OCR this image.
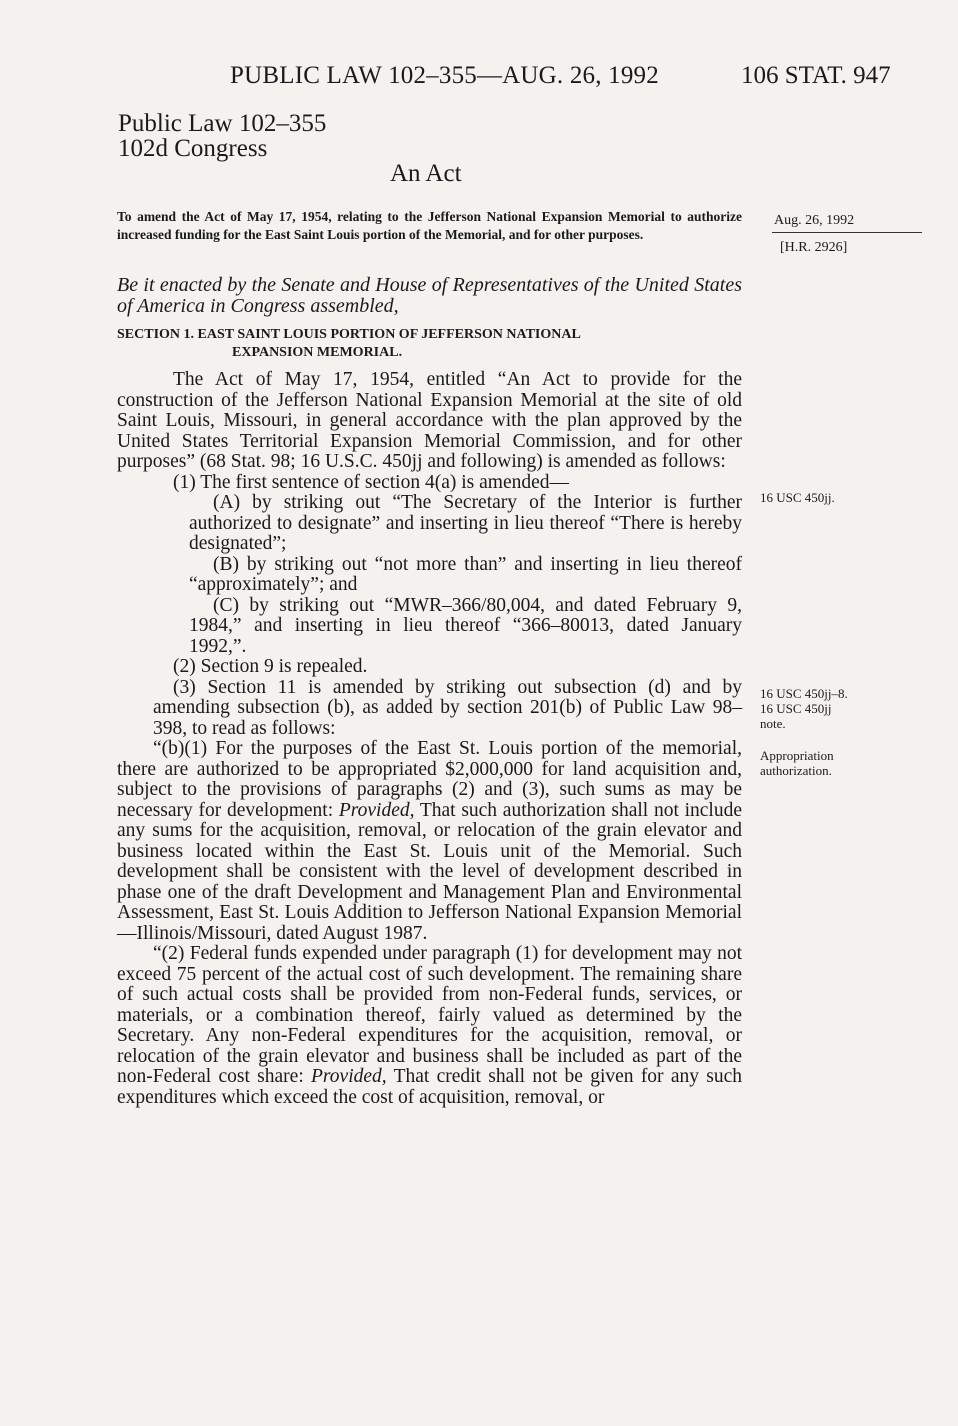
PUBLIC LAW 102–355—AUG. 26, 1992	106 STAT. 947
Public Law 102–355
102d Congress
An Act
To amend the Act of May 17, 1954, relating to the Jefferson National Expansion Memorial to authorize increased funding for the East Saint Louis portion of the Memorial, and for other purposes.
Aug. 26, 1992
[H.R. 2926]
Be it enacted by the Senate and House of Representatives of the United States of America in Congress assembled,
SECTION 1. EAST SAINT LOUIS PORTION OF JEFFERSON NATIONAL
EXPANSION MEMORIAL.

The Act of May 17, 1954, entitled “An Act to provide for the construction of the Jefferson National Expansion Memorial at the site of old Saint Louis, Missouri, in general accordance with the plan approved by the United States Territorial Expansion Memorial Commission, and for other purposes” (68 Stat. 98; 16 U.S.C. 450jj and following) is amended as follows:

(1) The first sentence of section 4(a) is amended—

(A) by striking out “The Secretary of the Interior is further authorized to designate” and inserting in lieu thereof “There is hereby designated”;

(B) by striking out “not more than” and inserting in lieu thereof “approximately”; and

(C) by striking out “MWR–366/80,004, and dated February 9, 1984,” and inserting in lieu thereof “366–80013, dated January 1992,”.

(2) Section 9 is repealed.

(3) Section 11 is amended by striking out subsection (d) and by amending subsection (b), as added by section 201(b) of Public Law 98–398, to read as follows:

“(b)(1) For the purposes of the East St. Louis portion of the memorial, there are authorized to be appropriated $2,000,000 for land acquisition and, subject to the provisions of paragraphs (2) and (3), such sums as may be necessary for development: Provided, That such authorization shall not include any sums for the acquisition, removal, or relocation of the grain elevator and business located within the East St. Louis unit of the Memorial. Such development shall be consistent with the level of development described in phase one of the draft Development and Management Plan and Environmental Assessment, East St. Louis Addition to Jefferson National Expansion Memorial—Illinois/Missouri, dated August 1987.

“(2) Federal funds expended under paragraph (1) for development may not exceed 75 percent of the actual cost of such development. The remaining share of such actual costs shall be provided from non-Federal funds, services, or materials, or a combination thereof, fairly valued as determined by the Secretary. Any non-Federal expenditures for the acquisition, removal, or relocation of the grain elevator and business shall be included as part of the non-Federal cost share: Provided, That credit shall not be given for any such expenditures which exceed the cost of acquisition, removal, or

16 USC 450jj.
16 USC 450jj–8.
16 USC 450jj
note.
Appropriation
authorization.
